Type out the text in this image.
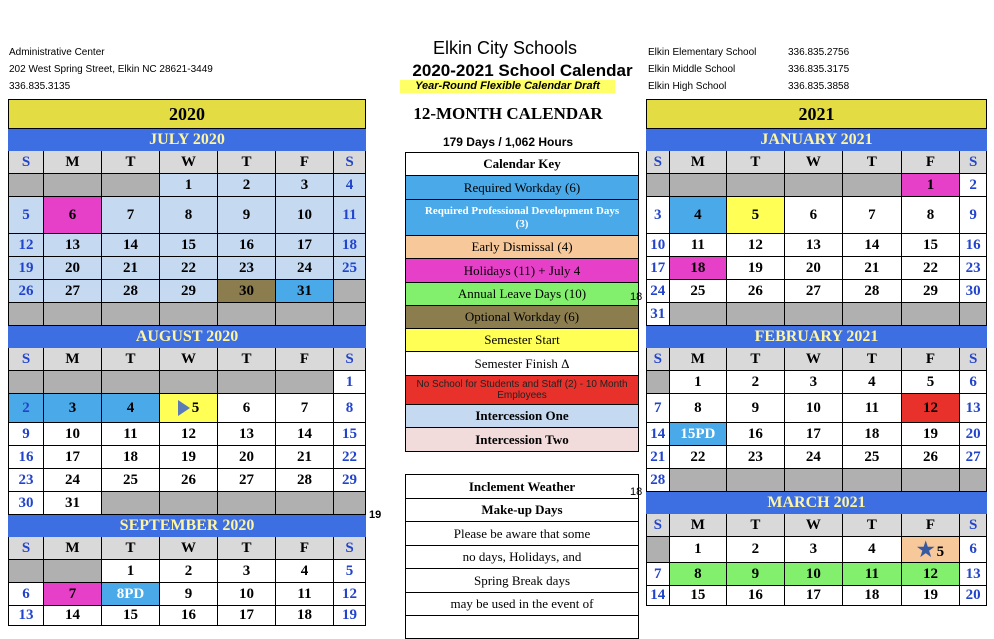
Administrative Center
202 West Spring Street, Elkin NC 28621-3449
336.835.3135
Elkin City Schools
2020-2021 School Calendar
Year-Round Flexible Calendar Draft
Elkin Elementary School	336.835.2756
Elkin Middle School	336.835.3175
Elkin High School	336.835.3858
2020						
JULY 2020						
S	M	T	W	T	F	S
			1	2	3	4
5	6	7	8	9	10	11
12	13	14	15	16	17	18
19	20	21	22	23	24	25
26	27	28	29	30	31	

AUGUST 2020						
S	M	T	W	T	F	S
						1
2	3	4	5	6	7	8
9	10	11	12	13	14	15
16	17	18	19	20	21	22
23	24	25	26	27	28	29
30	31					
SEPTEMBER 2020						
S	M	T	W	T	F	S
		1	2	3	4	5
6	7	8PD	9	10	11	12
13	14	15	16	17	18	19
2021						
JANUARY 2021						
S	M	T	W	T	F	S
					1	2
3	4	5	6	7	8	9
10	11	12	13	14	15	16
17	18	19	20	21	22	23
24	25	26	27	28	29	30
31						
FEBRUARY 2021						
S	M	T	W	T	F	S
	1	2	3	4	5	6
7	8	9	10	11	12	13
14	15PD	16	17	18	19	20
21	22	23	24	25	26	27
28						
MARCH 2021						
S	M	T	W	T	F	S
	1	2	3	4	★ 5	6
7	8	9	10	11	12	13
14	15	16	17	18	19	20
12-MONTH CALENDAR
179 Days / 1,062 Hours
Calendar Key
Required Workday (6)
Required Professional Development Days (3)
Early Dismissal (4)
Holidays (11) + July 4
Annual Leave Days (10)
Optional Workday (6)
Semester Start
Semester Finish Δ
No School for Students and Staff (2) - 10 Month Employees
Intercession One
Intercession Two

Inclement Weather
Make-up Days
Please be aware that some
no days, Holidays, and
Spring Break days
may be used in the event of

18
18
19
